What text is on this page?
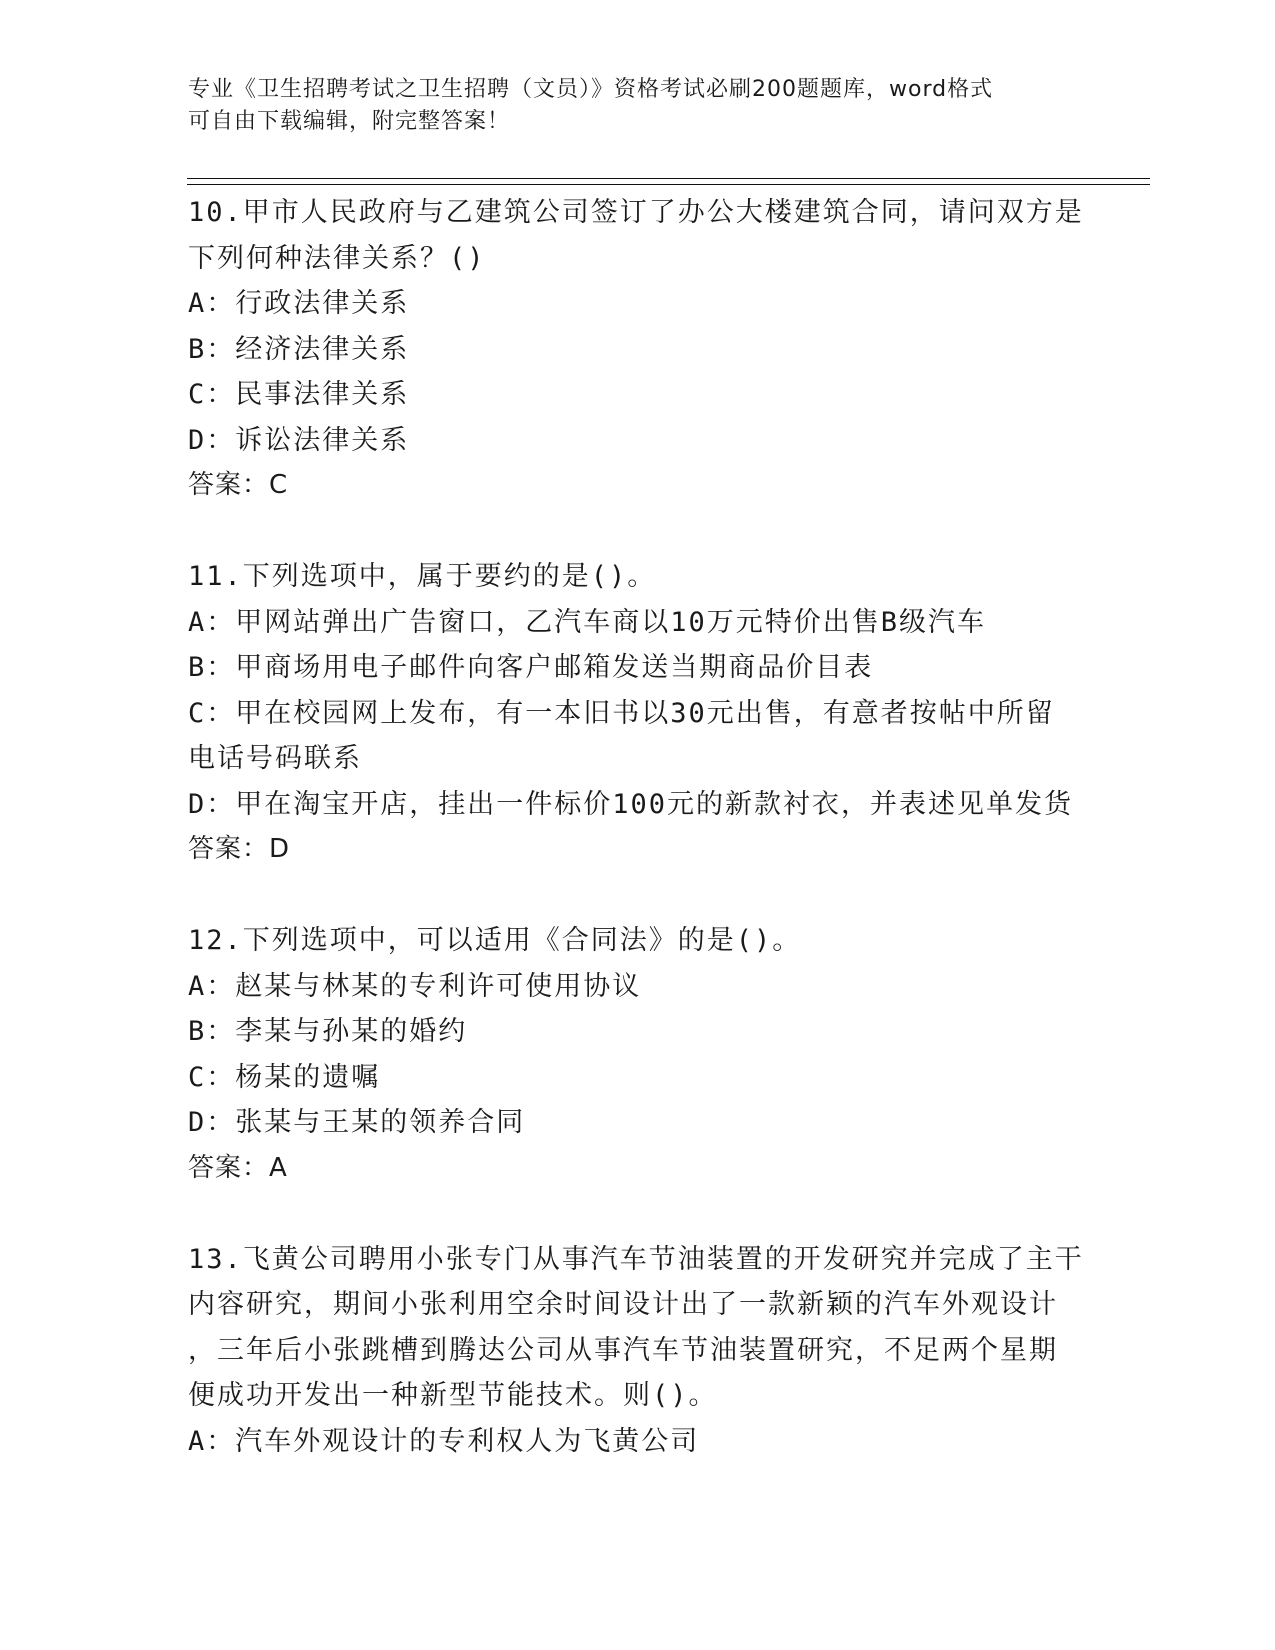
专业《卫生招聘考试之卫生招聘（文员）》资格考试必刷200题题库，word格式
可自由下载编辑，附完整答案！
10.甲市人民政府与乙建筑公司签订了办公大楼建筑合同，请问双方是
下列何种法律关系？()
A：行政法律关系
B：经济法律关系
C：民事法律关系
D：诉讼法律关系
答案：C
11.下列选项中，属于要约的是()。
A：甲网站弹出广告窗口，乙汽车商以10万元特价出售B级汽车
B：甲商场用电子邮件向客户邮箱发送当期商品价目表
C：甲在校园网上发布，有一本旧书以30元出售，有意者按帖中所留
电话号码联系
D：甲在淘宝开店，挂出一件标价100元的新款衬衣，并表述见单发货
答案：D
12.下列选项中，可以适用《合同法》的是()。
A：赵某与林某的专利许可使用协议
B：李某与孙某的婚约
C：杨某的遗嘱
D：张某与王某的领养合同
答案：A
13.飞黄公司聘用小张专门从事汽车节油装置的开发研究并完成了主干
内容研究，期间小张利用空余时间设计出了一款新颖的汽车外观设计
，三年后小张跳槽到腾达公司从事汽车节油装置研究，不足两个星期
便成功开发出一种新型节能技术。则()。
A：汽车外观设计的专利权人为飞黄公司
